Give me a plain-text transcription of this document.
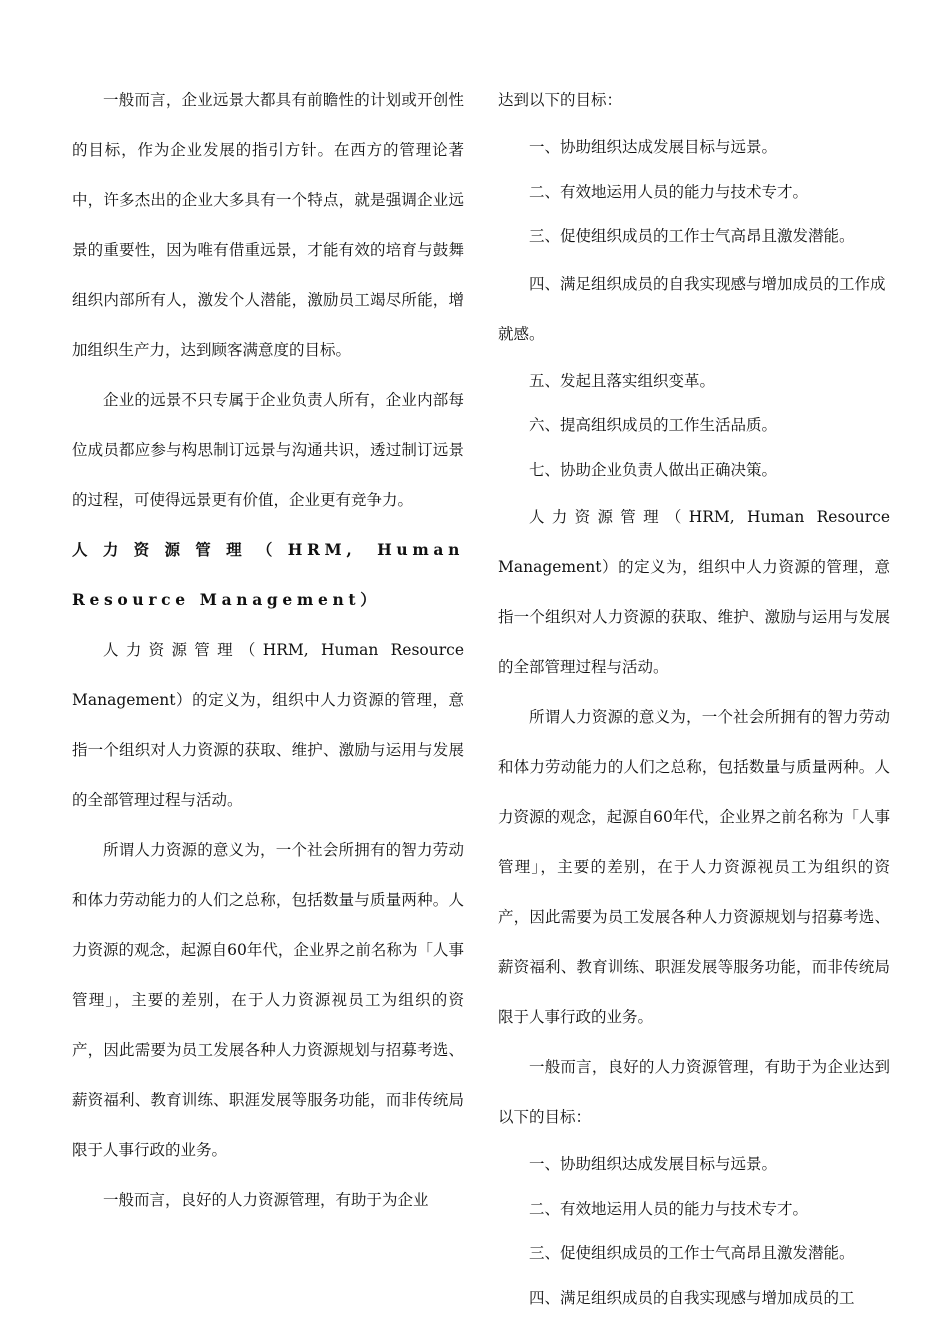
一般而言，企业远景大都具有前瞻性的计划或开创性的目标，作为企业发展的指引方针。在西方的管理论著中，许多杰出的企业大多具有一个特点，就是强调企业远景的重要性，因为唯有借重远景，才能有效的培育与鼓舞组织内部所有人，激发个人潜能，激励员工竭尽所能，增加组织生产力，达到顾客满意度的目标。

企业的远景不只专属于企业负责人所有，企业内部每位成员都应参与构思制订远景与沟通共识，透过制订远景的过程，可使得远景更有价值，企业更有竞争力。

人力资源管理（HRM, Human Resource Management）

人力资源管理（HRM, Human Resource Management）的定义为，组织中人力资源的管理，意指一个组织对人力资源的获取、维护、激励与运用与发展的全部管理过程与活动。

所谓人力资源的意义为，一个社会所拥有的智力劳动和体力劳动能力的人们之总称，包括数量与质量两种。人力资源的观念，起源自60年代，企业界之前名称为「人事管理」，主要的差别，在于人力资源视员工为组织的资产，因此需要为员工发展各种人力资源规划与招募考选、薪资福利、教育训练、职涯发展等服务功能，而非传统局限于人事行政的业务。

一般而言，良好的人力资源管理，有助于为企业

达到以下的目标：

一、协助组织达成发展目标与远景。

二、有效地运用人员的能力与技术专才。

三、促使组织成员的工作士气高昂且激发潜能。

四、满足组织成员的自我实现感与增加成员的工作成就感。

五、发起且落实组织变革。

六、提高组织成员的工作生活品质。

七、协助企业负责人做出正确决策。

人力资源管理（HRM, Human Resource Management）的定义为，组织中人力资源的管理，意指一个组织对人力资源的获取、维护、激励与运用与发展的全部管理过程与活动。

所谓人力资源的意义为，一个社会所拥有的智力劳动和体力劳动能力的人们之总称，包括数量与质量两种。人力资源的观念，起源自60年代，企业界之前名称为「人事管理」，主要的差别，在于人力资源视员工为组织的资产，因此需要为员工发展各种人力资源规划与招募考选、薪资福利、教育训练、职涯发展等服务功能，而非传统局限于人事行政的业务。

一般而言，良好的人力资源管理，有助于为企业达到以下的目标：

一、协助组织达成发展目标与远景。

二、有效地运用人员的能力与技术专才。

三、促使组织成员的工作士气高昂且激发潜能。

四、满足组织成员的自我实现感与增加成员的工
